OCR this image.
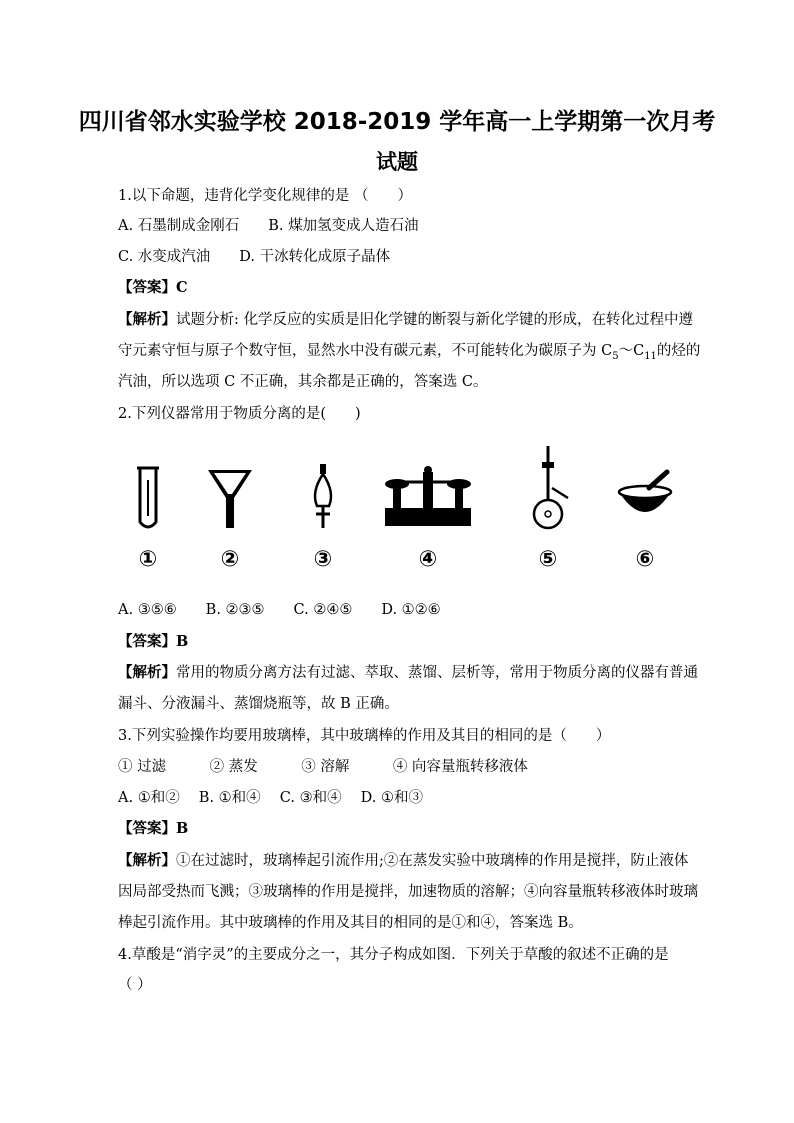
四川省邻水实验学校 2018-2019 学年高一上学期第一次月考
试题
1.以下命题，违背化学变化规律的是 （　　）
A. 石墨制成金刚石　　B. 煤加氢变成人造石油
C. 水变成汽油　　D. 干冰转化成原子晶体
【答案】C
【解析】试题分析: 化学反应的实质是旧化学键的断裂与新化学键的形成，在转化过程中遵
守元素守恒与原子个数守恒，显然水中没有碳元素，不可能转化为碳原子为 $C_5\sim C_{11}$的烃的
汽油，所以选项 C 不正确，其余都是正确的，答案选 C。
2.下列仪器常用于物质分离的是(　　)
①	②	③	④	⑤	⑥
A. ③⑤⑥　　B. ②③⑤　　C. ②④⑤　　D. ①②⑥
【答案】B
【解析】常用的物质分离方法有过滤、萃取、蒸馏、层析等，常用于物质分离的仪器有普通
漏斗、分液漏斗、蒸馏烧瓶等，故 B 正确。
3.下列实验操作均要用玻璃棒，其中玻璃棒的作用及其目的相同的是（　　）
① 过滤　　　② 蒸发　　　③ 溶解　　　④ 向容量瓶转移液体
A. ①和②　 B. ①和④　 C. ③和④　 D. ①和③
【答案】B
【解析】①在过滤时，玻璃棒起引流作用;②在蒸发实验中玻璃棒的作用是搅拌，防止液体
因局部受热而飞溅；③玻璃棒的作用是搅拌，加速物质的溶解；④向容量瓶转移液体时玻璃
棒起引流作用。其中玻璃棒的作用及其目的相同的是①和④，答案选 B。
4.草酸是“消字灵”的主要成分之一，其分子构成如图．下列关于草酸的叙述不正确的是
（ ）
